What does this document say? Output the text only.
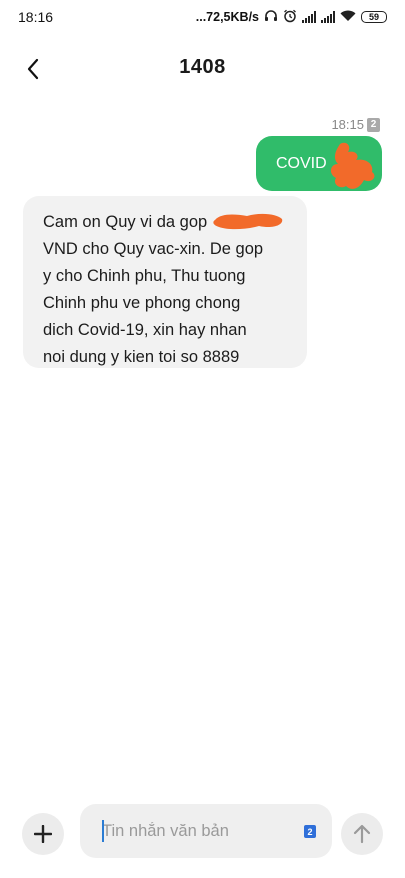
18:16	...72,5KB/s	59
1408
18:15 2
COVID
Cam on Quy vi da gop
VND cho Quy vac-xin. De gop
y cho Chinh phu, Thu tuong
Chinh phu ve phong chong
dich Covid-19, xin hay nhan
noi dung y kien toi so 8889
Tin nhắn văn bản
2
